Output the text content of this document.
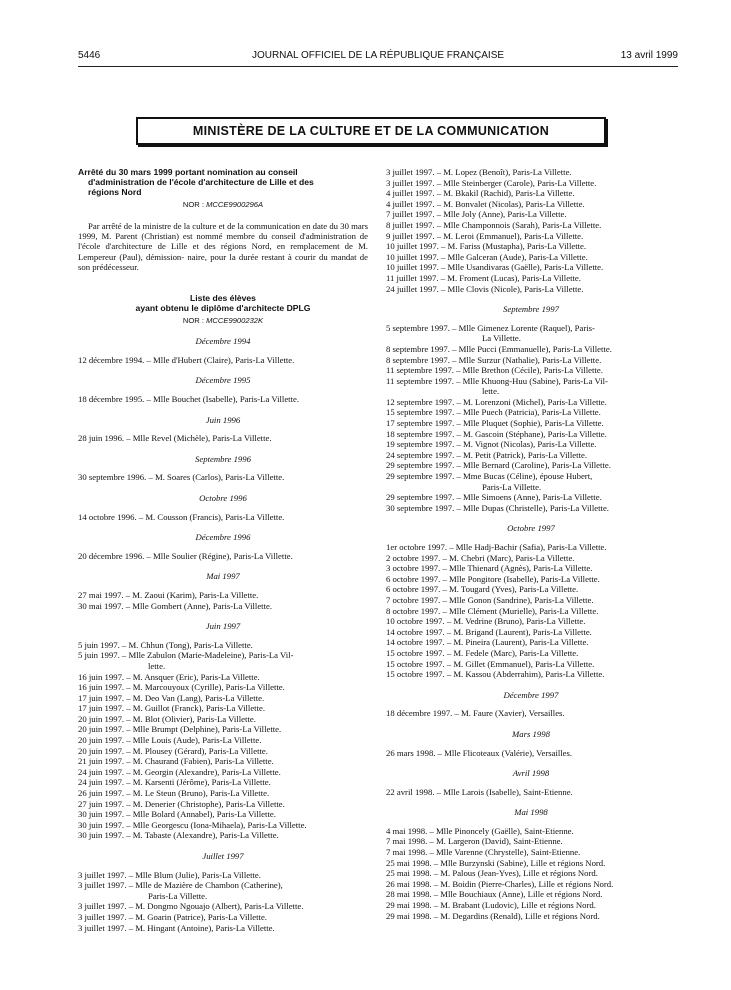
5446	JOURNAL OFFICIEL DE LA RÉPUBLIQUE FRANÇAISE	13 avril 1999
MINISTÈRE DE LA CULTURE ET DE LA COMMUNICATION

Arrêté du 30 mars 1999 portant nomination au conseil
d'administration de l'école d'architecture de Lille et des
régions Nord

NOR : MCCE9900296A
Par arrêté de la ministre de la culture et de la communication en date du 30 mars 1999, M. Parent (Christian) est nommé membre du conseil d'administration de l'école d'architecture de Lille et des régions Nord, en remplacement de M. Lempereur (Paul), démission- naire, pour la durée restant à courir du mandat de son prédécesseur.

Liste des élèves

ayant obtenu le diplôme d'architecte DPLG

NOR : MCCE9900232K
Décembre 1994

12 décembre 1994. – Mlle d'Hubert (Claire), Paris-La Villette.

Décembre 1995

18 décembre 1995. – Mlle Bouchet (Isabelle), Paris-La Villette.

Juin 1996

28 juin 1996. – Mlle Revel (Michèle), Paris-La Villette.

Septembre 1996

30 septembre 1996. – M. Soares (Carlos), Paris-La Villette.

Octobre 1996

14 octobre 1996. – M. Cousson (Francis), Paris-La Villette.

Décembre 1996

20 décembre 1996. – Mlle Soulier (Régine), Paris-La Villette.

Mai 1997

27 mai 1997. – M. Zaoui (Karim), Paris-La Villette.

30 mai 1997. – Mlle Gombert (Anne), Paris-La Villette.

Juin 1997

5 juin 1997. – M. Chhun (Tong), Paris-La Villette.

5 juin 1997. – Mlle Zabulon (Marie-Madeleine), Paris-La Vil-
lette.

16 juin 1997. – M. Ansquer (Eric), Paris-La Villette.

16 juin 1997. – M. Marcouyoux (Cyrille), Paris-La Villette.

17 juin 1997. – M. Deo Van (Lang), Paris-La Villette.

17 juin 1997. – M. Guillot (Franck), Paris-La Villette.

20 juin 1997. – M. Blot (Olivier), Paris-La Villette.

20 juin 1997. – Mlle Brumpt (Delphine), Paris-La Villette.

20 juin 1997. – Mlle Louis (Aude), Paris-La Villette.

20 juin 1997. – M. Plousey (Gérard), Paris-La Villette.

21 juin 1997. – M. Chaurand (Fabien), Paris-La Villette.

24 juin 1997. – M. Georgin (Alexandre), Paris-La Villette.

24 juin 1997. – M. Karsenti (Jérôme), Paris-La Villette.

26 juin 1997. – M. Le Steun (Bruno), Paris-La Villette.

27 juin 1997. – M. Denerier (Christophe), Paris-La Villette.

30 juin 1997. – Mlle Bolard (Annabel), Paris-La Villette.

30 juin 1997. – Mlle Georgescu (Iona-Mihaela), Paris-La Villette.

30 juin 1997. – M. Tabaste (Alexandre), Paris-La Villette.

Juillet 1997

3 juillet 1997. – Mlle Blum (Julie), Paris-La Villette.

3 juillet 1997. – Mlle de Mazière de Chambon (Catherine),
Paris-La Villette.

3 juillet 1997. – M. Dongmo Ngouajo (Albert), Paris-La Villette.

3 juillet 1997. – M. Goarin (Patrice), Paris-La Villette.

3 juillet 1997. – M. Hingant (Antoine), Paris-La Villette.

3 juillet 1997. – M. Lopez (Benoît), Paris-La Villette.

3 juillet 1997. – Mlle Steinberger (Carole), Paris-La Villette.

4 juillet 1997. – M. Bkakil (Rachid), Paris-La Villette.

4 juillet 1997. – M. Bonvalet (Nicolas), Paris-La Villette.

7 juillet 1997. – Mlle Joly (Anne), Paris-La Villette.

8 juillet 1997. – Mlle Champonnois (Sarah), Paris-La Villette.

9 juillet 1997. – M. Leroi (Emmanuel), Paris-La Villette.

10 juillet 1997. – M. Fariss (Mustapha), Paris-La Villette.

10 juillet 1997. – Mlle Galceran (Aude), Paris-La Villette.

10 juillet 1997. – Mlle Usandivaras (Gaëlle), Paris-La Villette.

11 juillet 1997. – M. Froment (Lucas), Paris-La Villette.

24 juillet 1997. – Mlle Clovis (Nicole), Paris-La Villette.

Septembre 1997

5 septembre 1997. – Mlle Gimenez Lorente (Raquel), Paris-
La Villette.

8 septembre 1997. – Mlle Pucci (Emmanuelle), Paris-La Villette.

8 septembre 1997. – Mlle Surzur (Nathalie), Paris-La Villette.

11 septembre 1997. – Mlle Brethon (Cécile), Paris-La Villette.

11 septembre 1997. – Mlle Khuong-Huu (Sabine), Paris-La Vil-
lette.

12 septembre 1997. – M. Lorenzoni (Michel), Paris-La Villette.

15 septembre 1997. – Mlle Puech (Patricia), Paris-La Villette.

17 septembre 1997. – Mlle Pluquet (Sophie), Paris-La Villette.

18 septembre 1997. – M. Gascoin (Stéphane), Paris-La Villette.

19 septembre 1997. – M. Vignot (Nicolas), Paris-La Villette.

24 septembre 1997. – M. Petit (Patrick), Paris-La Villette.

29 septembre 1997. – Mlle Bernard (Caroline), Paris-La Villette.

29 septembre 1997. – Mme Bucas (Céline), épouse Hubert,
Paris-La Villette.

29 septembre 1997. – Mlle Simoens (Anne), Paris-La Villette.

30 septembre 1997. – Mlle Dupas (Christelle), Paris-La Villette.

Octobre 1997

1er octobre 1997. – Mlle Hadj-Bachir (Safia), Paris-La Villette.

2 octobre 1997. – M. Chebri (Marc), Paris-La Villette.

3 octobre 1997. – Mlle Thienard (Agnès), Paris-La Villette.

6 octobre 1997. – Mlle Pongitore (Isabelle), Paris-La Villette.

6 octobre 1997. – M. Tougard (Yves), Paris-La Villette.

7 octobre 1997. – Mlle Gonon (Sandrine), Paris-La Villette.

8 octobre 1997. – Mlle Clément (Murielle), Paris-La Villette.

10 octobre 1997. – M. Vedrine (Bruno), Paris-La Villette.

14 octobre 1997. – M. Brigand (Laurent), Paris-La Villette.

14 octobre 1997. – M. Pineira (Laurent), Paris-La Villette.

15 octobre 1997. – M. Fedele (Marc), Paris-La Villette.

15 octobre 1997. – M. Gillet (Emmanuel), Paris-La Villette.

15 octobre 1997. – M. Kassou (Abderrahim), Paris-La Villette.

Décembre 1997

18 décembre 1997. – M. Faure (Xavier), Versailles.

Mars 1998

26 mars 1998. – Mlle Flicoteaux (Valérie), Versailles.

Avril 1998

22 avril 1998. – Mlle Larois (Isabelle), Saint-Etienne.

Mai 1998

4 mai 1998. – Mlle Pinoncely (Gaëlle), Saint-Etienne.

7 mai 1998. – M. Largeron (David), Saint-Etienne.

7 mai 1998. – Mlle Varenne (Chrystelle), Saint-Etienne.

25 mai 1998. – Mlle Burzynski (Sabine), Lille et régions Nord.

25 mai 1998. – M. Palous (Jean-Yves), Lille et régions Nord.

26 mai 1998. – M. Boidin (Pierre-Charles), Lille et régions Nord.

28 mai 1998. – Mlle Bouchiaux (Anne), Lille et régions Nord.

29 mai 1998. – M. Brabant (Ludovic), Lille et régions Nord.

29 mai 1998. – M. Degardins (Renald), Lille et régions Nord.
